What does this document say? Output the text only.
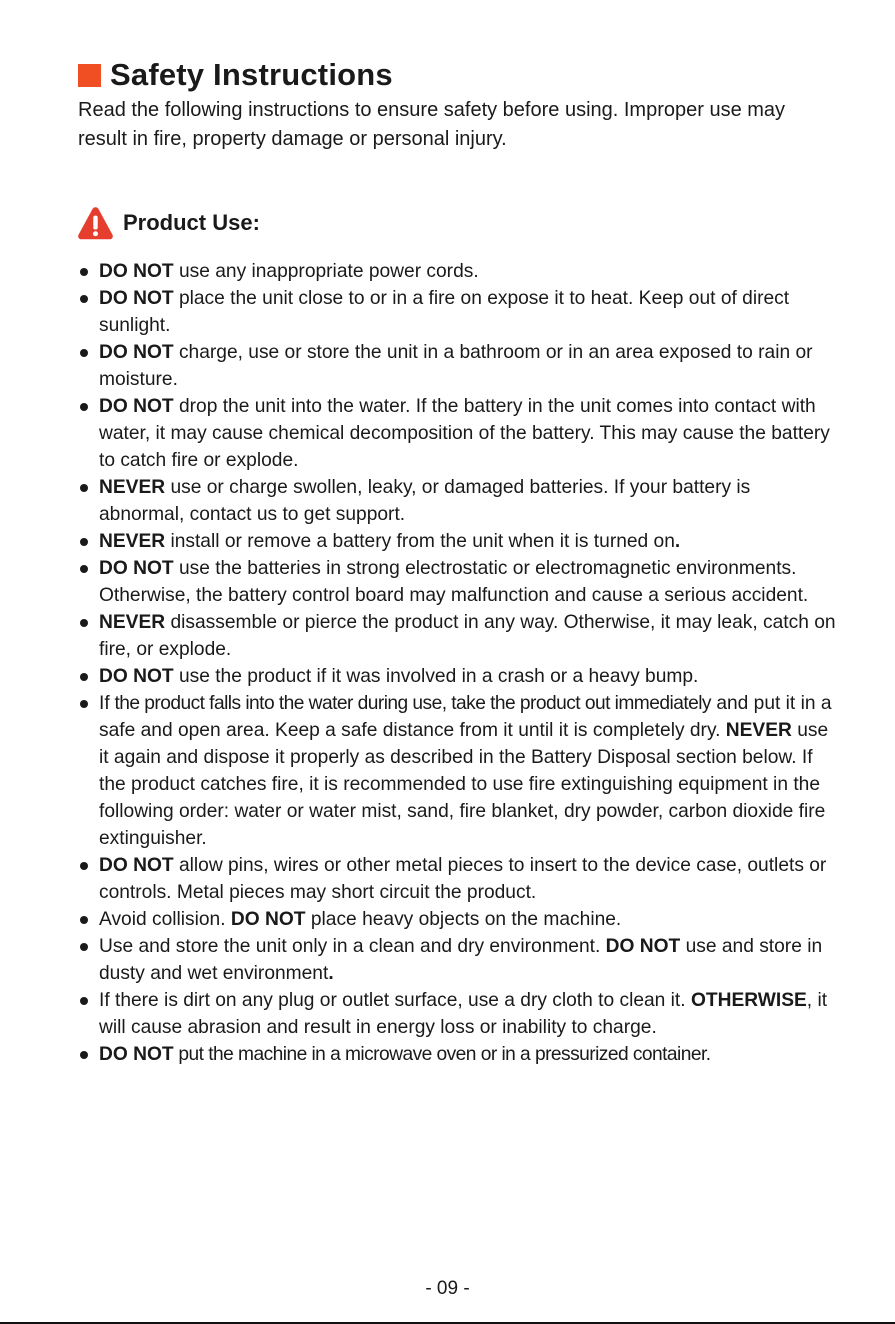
Safety Instructions

Read the following instructions to ensure safety before using. Improper use may result in fire, property damage or personal injury.

Product Use:
DO NOT use any inappropriate power cords.
DO NOT place the unit close to or in a fire on expose it to heat. Keep out of direct sunlight.
DO NOT charge, use or store the unit in a bathroom or in an area exposed to rain or moisture.
DO NOT drop the unit into the water. If the battery in the unit comes into contact with water, it may cause chemical decomposition of the battery. This may cause the battery to catch fire or explode.
NEVER use or charge swollen, leaky, or damaged batteries. If your battery is abnormal, contact us to get support.
NEVER install or remove a battery from the unit when it is turned on.
DO NOT use the batteries in strong electrostatic or electromagnetic environments. Otherwise, the battery control board may malfunction and cause a serious accident.
NEVER disassemble or pierce the product in any way. Otherwise, it may leak, catch on fire, or explode.
DO NOT use the product if it was involved in a crash or a heavy bump.
If the product falls into the water during use, take the product out immediately and put it in a safe and open area. Keep a safe distance from it until it is completely dry. NEVER use it again and dispose it properly as described in the Battery Disposal section below. If the product catches fire, it is recommended to use fire extinguishing equipment in the following order: water or water mist, sand, fire blanket, dry powder, carbon dioxide fire extinguisher.
DO NOT allow pins, wires or other metal pieces to insert to the device case, outlets or controls. Metal pieces may short circuit the product.
Avoid collision. DO NOT place heavy objects on the machine.
Use and store the unit only in a clean and dry environment. DO NOT use and store in dusty and wet environment.
If there is dirt on any plug or outlet surface, use a dry cloth to clean it. OTHERWISE, it will cause abrasion and result in energy loss or inability to charge.
DO NOT put the machine in a microwave oven or in a pressurized container.
- 09 -
